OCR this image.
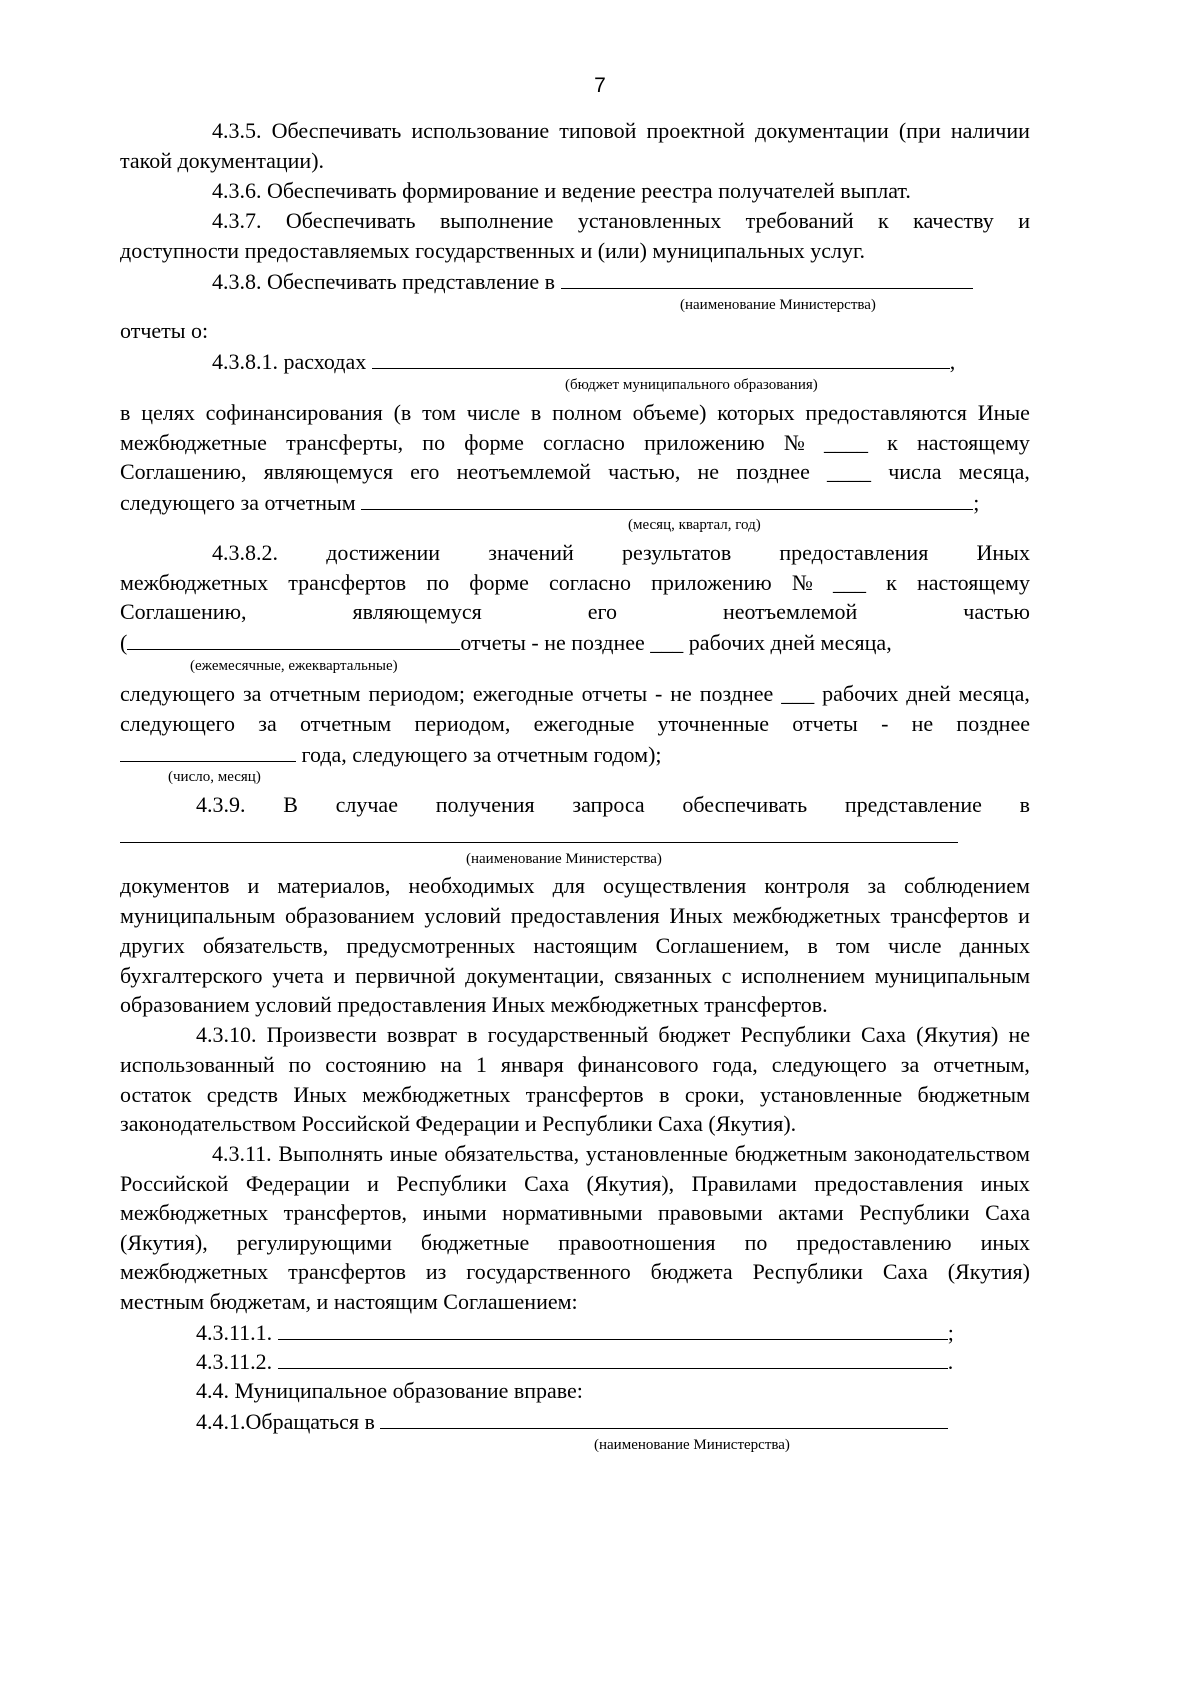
7
4.3.5. Обеспечивать использование типовой проектной документации (при наличии
такой документации).
4.3.6. Обеспечивать формирование и ведение реестра получателей выплат.
4.3.7. Обеспечивать выполнение установленных требований к качеству и
доступности предоставляемых государственных и (или) муниципальных услуг.
4.3.8. Обеспечивать представление в
(наименование Министерства)
отчеты о:
4.3.8.1. расходах	,
(бюджет муниципального образования)
в целях софинансирования (в том числе в полном объеме) которых предоставляются Иные
межбюджетные трансферты, по форме согласно приложению № ____ к настоящему
Соглашению, являющемуся его неотъемлемой частью, не позднее ____ числа месяца,
следующего за отчетным	;
(месяц, квартал, год)
4.3.8.2. достижении значений результатов предоставления Иных
межбюджетных трансфертов по форме согласно приложению № ___ к настоящему
Соглашению,	являющемуся	его	неотъемлемой	частью
(	отчеты - не позднее ___ рабочих дней месяца,
(ежемесячные, ежеквартальные)
следующего за отчетным периодом; ежегодные отчеты - не позднее ___ рабочих дней месяца,
следующего за отчетным периодом, ежегодные уточненные отчеты - не позднее
года, следующего за отчетным годом);
(число, месяц)
4.3.9. В случае получения запроса обеспечивать представление в
(наименование Министерства)
документов и материалов, необходимых для осуществления контроля за соблюдением
муниципальным образованием условий предоставления Иных межбюджетных трансфертов и
других обязательств, предусмотренных настоящим Соглашением, в том числе данных
бухгалтерского учета и первичной документации, связанных с исполнением муниципальным
образованием условий предоставления Иных межбюджетных трансфертов.
4.3.10. Произвести возврат в государственный бюджет Республики Саха (Якутия) не
использованный по состоянию на 1 января финансового года, следующего за отчетным,
остаток средств Иных межбюджетных трансфертов в сроки, установленные бюджетным
законодательством Российской Федерации и Республики Саха (Якутия).
4.3.11. Выполнять иные обязательства, установленные бюджетным законодательством
Российской Федерации и Республики Саха (Якутия), Правилами предоставления иных
межбюджетных трансфертов, иными нормативными правовыми актами Республики Саха
(Якутия), регулирующими бюджетные правоотношения по предоставлению иных
межбюджетных трансфертов из государственного бюджета Республики Саха (Якутия)
местным бюджетам, и настоящим Соглашением:
4.3.11.1.	;
4.3.11.2.	.
4.4. Муниципальное образование вправе:
4.4.1.Обращаться в
(наименование Министерства)
